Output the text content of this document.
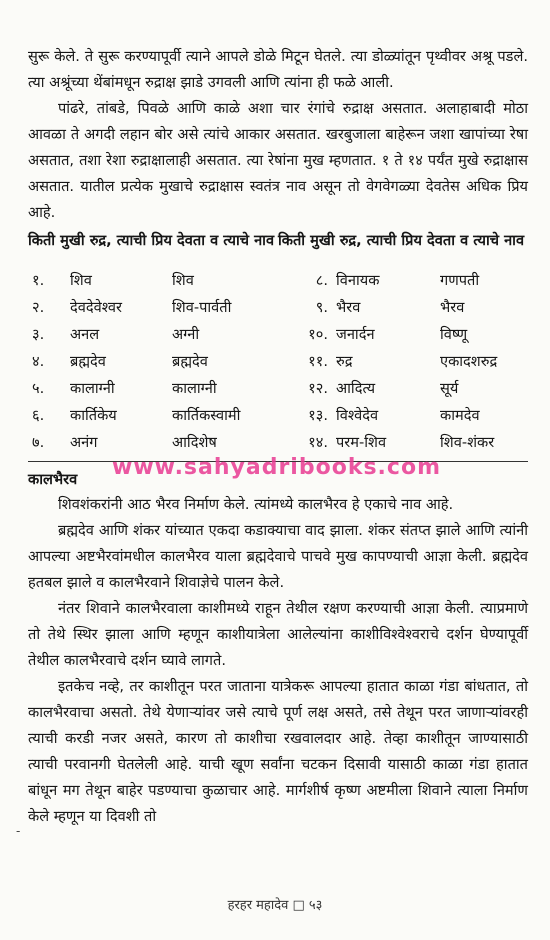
सुरू केले. ते सुरू करण्यापूर्वी त्याने आपले डोळे मिटून घेतले. त्या डोळ्यांतून पृथ्वीवर अश्रू पडले. त्या अश्रूंच्या थेंबांमधून रुद्राक्ष झाडे उगवली आणि त्यांना ही फळे आली.

पांढरे, तांबडे, पिवळे आणि काळे अशा चार रंगांचे रुद्राक्ष असतात. अलाहाबादी मोठा आवळा ते अगदी लहान बोर असे त्यांचे आकार असतात. खरबुजाला बाहेरून जशा खापांच्या रेषा असतात, तशा रेशा रुद्राक्षालाही असतात. त्या रेषांना मुख म्हणतात. १ ते १४ पर्यंत मुखे रुद्राक्षास असतात. यातील प्रत्येक मुखाचे रुद्राक्षास स्वतंत्र नाव असून तो वेगवेगळ्या देवतेस अधिक प्रिय आहे.

किती मुखी रुद्र, त्याची प्रिय देवता व त्याचे नाव किती मुखी रुद्र, त्याची प्रिय देवता व त्याचे नाव
१.	शिव	शिव	८.	विनायक	गणपती
२.	देवदेवेश्वर	शिव-पार्वती	९.	भैरव	भैरव
३.	अनल	अग्नी	१०.	जनार्दन	विष्णू
४.	ब्रह्मदेव	ब्रह्मदेव	११.	रुद्र	एकादशरुद्र
५.	कालाग्नी	कालाग्नी	१२.	आदित्य	सूर्य
६.	कार्तिकेय	कार्तिकस्वामी	१३.	विश्वेदेव	कामदेव
७.	अनंग	आदिशेष	१४.	परम-शिव	शिव-शंकर
कालभैरव

शिवशंकरांनी आठ भैरव निर्माण केले. त्यांमध्ये कालभैरव हे एकाचे नाव आहे.

ब्रह्मदेव आणि शंकर यांच्यात एकदा कडाक्याचा वाद झाला. शंकर संतप्त झाले आणि त्यांनी आपल्या अष्टभैरवांमधील कालभैरव याला ब्रह्मदेवाचे पाचवे मुख कापण्याची आज्ञा केली. ब्रह्मदेव हतबल झाले व कालभैरवाने शिवाज्ञेचे पालन केले.

नंतर शिवाने कालभैरवाला काशीमध्ये राहून तेथील रक्षण करण्याची आज्ञा केली. त्याप्रमाणे तो तेथे स्थिर झाला आणि म्हणून काशीयात्रेला आलेल्यांना काशीविश्वेश्वराचे दर्शन घेण्यापूर्वी तेथील कालभैरवाचे दर्शन घ्यावे लागते.

इतकेच नव्हे, तर काशीतून परत जाताना यात्रेकरू आपल्या हातात काळा गंडा बांधतात, तो कालभैरवाचा असतो. तेथे येणाऱ्यांवर जसे त्याचे पूर्ण लक्ष असते, तसे तेथून परत जाणाऱ्यांवरही त्याची करडी नजर असते, कारण तो काशीचा रखवालदार आहे. तेव्हा काशीतून जाण्यासाठी त्याची परवानगी घेतलेली आहे. याची खूण सर्वांना चटकन दिसावी यासाठी काळा गंडा हातात बांधून मग तेथून बाहेर पडण्याचा कुळाचार आहे. मार्गशीर्ष कृष्ण अष्टमीला शिवाने त्याला निर्माण केले म्हणून या दिवशी तो

www.sahyadribooks.com
-
हरहर महादेव □ ५३
